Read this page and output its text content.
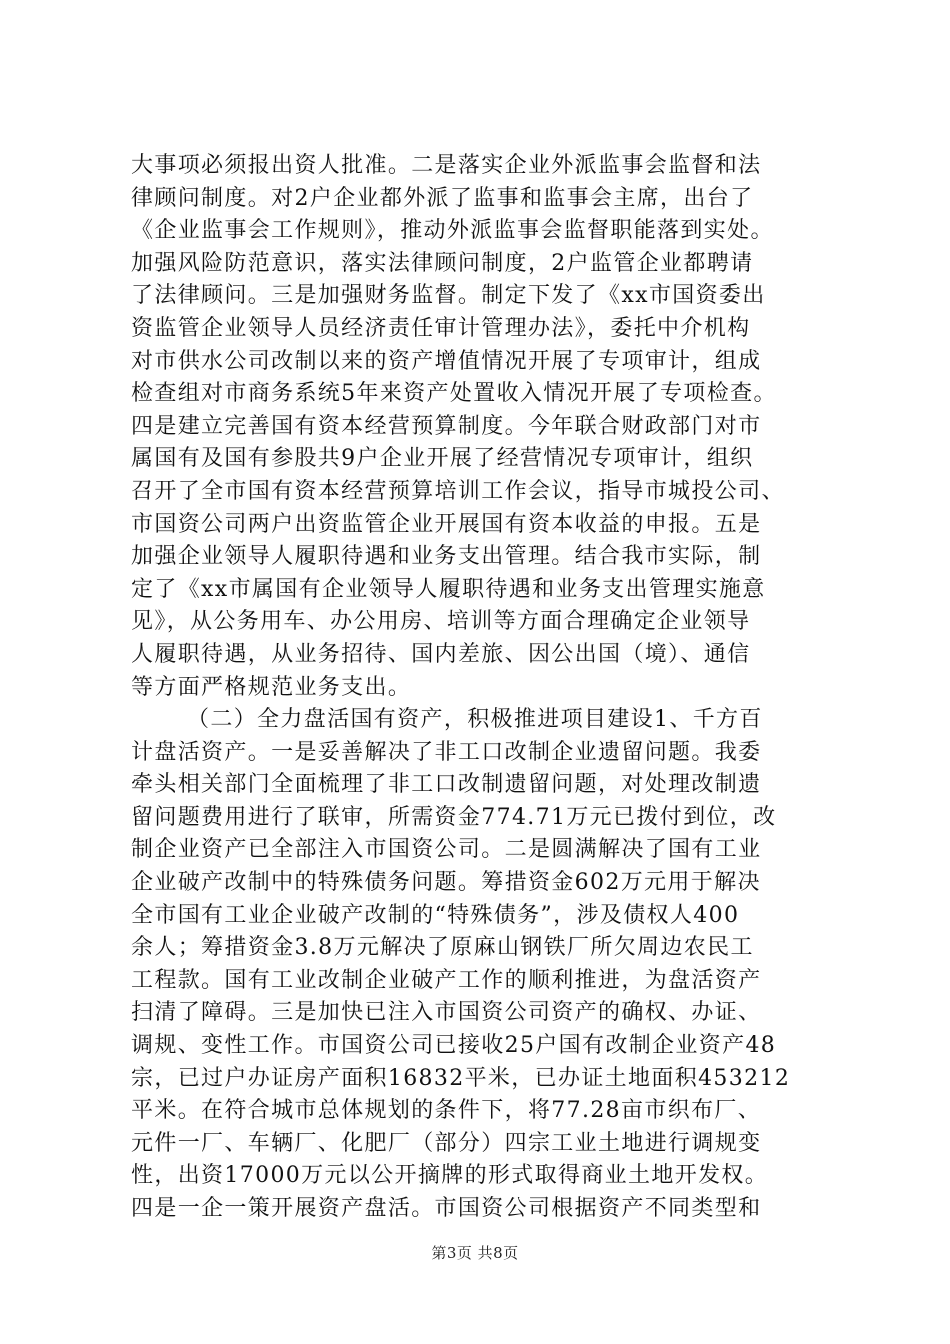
大事项必须报出资人批准。二是落实企业外派监事会监督和法
律顾问制度。对2户企业都外派了监事和监事会主席，出台了
《企业监事会工作规则》，推动外派监事会监督职能落到实处。
加强风险防范意识，落实法律顾问制度，2户监管企业都聘请
了法律顾问。三是加强财务监督。制定下发了《xx市国资委出
资监管企业领导人员经济责任审计管理办法》，委托中介机构
对市供水公司改制以来的资产增值情况开展了专项审计，组成
检查组对市商务系统5年来资产处置收入情况开展了专项检查。
四是建立完善国有资本经营预算制度。今年联合财政部门对市
属国有及国有参股共9户企业开展了经营情况专项审计，组织
召开了全市国有资本经营预算培训工作会议，指导市城投公司、
市国资公司两户出资监管企业开展国有资本收益的申报。五是
加强企业领导人履职待遇和业务支出管理。结合我市实际，制
定了《xx市属国有企业领导人履职待遇和业务支出管理实施意
见》，从公务用车、办公用房、培训等方面合理确定企业领导
人履职待遇，从业务招待、国内差旅、因公出国（境）、通信
等方面严格规范业务支出。
（二）全力盘活国有资产，积极推进项目建设1、千方百
计盘活资产。一是妥善解决了非工口改制企业遗留问题。我委
牵头相关部门全面梳理了非工口改制遗留问题，对处理改制遗
留问题费用进行了联审，所需资金774.71万元已拨付到位，改
制企业资产已全部注入市国资公司。二是圆满解决了国有工业
企业破产改制中的特殊债务问题。筹措资金602万元用于解决
全市国有工业企业破产改制的“特殊债务”，涉及债权人400
余人；筹措资金3.8万元解决了原麻山钢铁厂所欠周边农民工
工程款。国有工业改制企业破产工作的顺利推进，为盘活资产
扫清了障碍。三是加快已注入市国资公司资产的确权、办证、
调规、变性工作。市国资公司已接收25户国有改制企业资产48
宗，已过户办证房产面积16832平米，已办证土地面积453212
平米。在符合城市总体规划的条件下，将77.28亩市织布厂、
元件一厂、车辆厂、化肥厂（部分）四宗工业土地进行调规变
性，出资17000万元以公开摘牌的形式取得商业土地开发权。
四是一企一策开展资产盘活。市国资公司根据资产不同类型和
第3页 共8页
